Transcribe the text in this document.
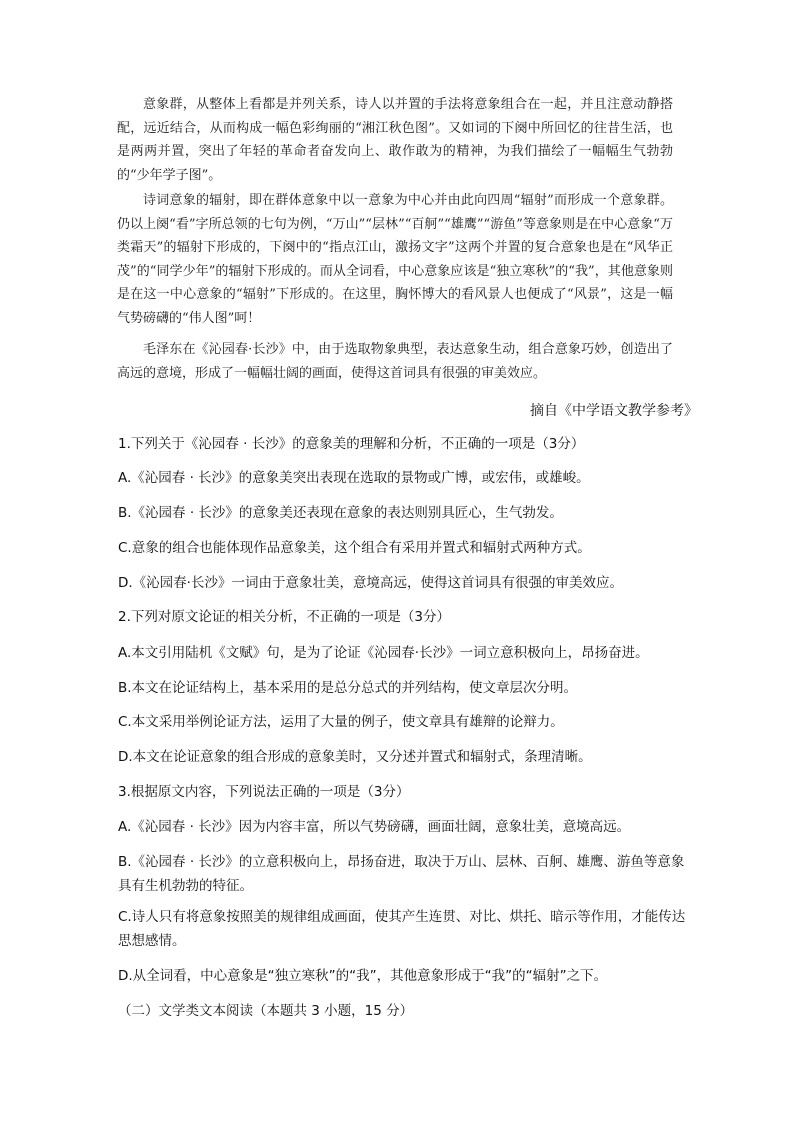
意象群，从整体上看都是并列关系，诗人以并置的手法将意象组合在一起，并且注意动静搭配，远近结合，从而构成一幅色彩绚丽的“湘江秋色图”。又如词的下阕中所回忆的往昔生活，也是两两并置，突出了年轻的革命者奋发向上、敢作敢为的精神，为我们描绘了一幅幅生气勃勃的“少年学子图”。

诗词意象的辐射，即在群体意象中以一意象为中心并由此向四周“辐射”而形成一个意象群。仍以上阕“看”字所总领的七句为例，“万山”“层林”“百舸”“雄鹰”“游鱼”等意象则是在中心意象“万类霜天”的辐射下形成的，下阕中的“指点江山，激扬文字”这两个并置的复合意象也是在“风华正茂”的“同学少年”的辐射下形成的。而从全词看，中心意象应该是“独立寒秋”的“我”，其他意象则是在这一中心意象的“辐射”下形成的。在这里，胸怀博大的看风景人也便成了“风景”，这是一幅气势磅礴的“伟人图”呵！

毛泽东在《沁园春·长沙》中，由于选取物象典型，表达意象生动，组合意象巧妙，创造出了高远的意境，形成了一幅幅壮阔的画面，使得这首词具有很强的审美效应。

摘自《中学语文教学参考》

1.下列关于《沁园春 · 长沙》的意象美的理解和分析，不正确的一项是（3分）

A.《沁园春 · 长沙》的意象美突出表现在选取的景物或广博，或宏伟，或雄峻。

B.《沁园春 · 长沙》的意象美还表现在意象的表达则别具匠心，生气勃发。

C.意象的组合也能体现作品意象美，这个组合有采用并置式和辐射式两种方式。

D.《沁园春·长沙》一词由于意象壮美，意境高远，使得这首词具有很强的审美效应。

2.下列对原文论证的相关分析，不正确的一项是（3分）

A.本文引用陆机《文赋》句，是为了论证《沁园春·长沙》一词立意积极向上，昂扬奋进。

B.本文在论证结构上，基本采用的是总分总式的并列结构，使文章层次分明。

C.本文采用举例论证方法，运用了大量的例子，使文章具有雄辩的论辩力。

D.本文在论证意象的组合形成的意象美时，又分述并置式和辐射式，条理清晰。

3.根据原文内容，下列说法正确的一项是（3分）

A.《沁园春 · 长沙》因为内容丰富，所以气势磅礴，画面壮阔，意象壮美，意境高远。

B.《沁园春 · 长沙》的立意积极向上，昂扬奋进，取决于万山、层林、百舸、雄鹰、游鱼等意象具有生机勃勃的特征。

C.诗人只有将意象按照美的规律组成画面，使其产生连贯、对比、烘托、暗示等作用，才能传达思想感情。

D.从全词看，中心意象是“独立寒秋”的“我”，其他意象形成于“我”的“辐射”之下。

（二）文学类文本阅读（本题共 3 小题，15 分）
